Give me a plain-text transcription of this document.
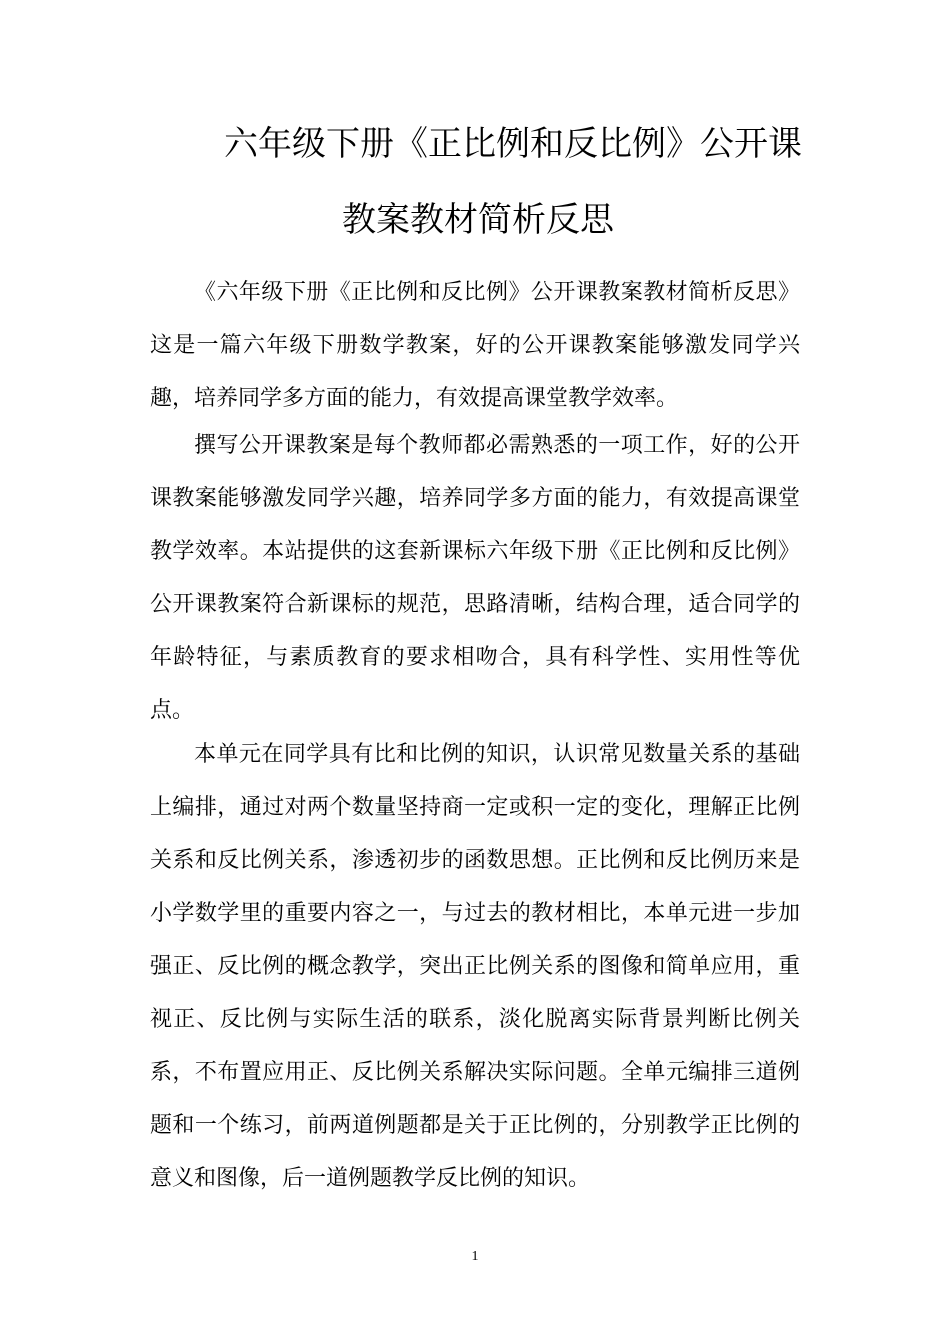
六年级下册《正比例和反比例》公开课
教案教材简析反思

《六年级下册《正比例和反比例》公开课教案教材简析反思》这是一篇六年级下册数学教案，好的公开课教案能够激发同学兴趣，培养同学多方面的能力，有效提高课堂教学效率。

撰写公开课教案是每个教师都必需熟悉的一项工作，好的公开课教案能够激发同学兴趣，培养同学多方面的能力，有效提高课堂教学效率。本站提供的这套新课标六年级下册《正比例和反比例》公开课教案符合新课标的规范，思路清晰，结构合理，适合同学的年龄特征，与素质教育的要求相吻合，具有科学性、实用性等优点。

本单元在同学具有比和比例的知识，认识常见数量关系的基础上编排，通过对两个数量坚持商一定或积一定的变化，理解正比例关系和反比例关系，渗透初步的函数思想。正比例和反比例历来是小学数学里的重要内容之一，与过去的教材相比，本单元进一步加强正、反比例的概念教学，突出正比例关系的图像和简单应用，重视正、反比例与实际生活的联系，淡化脱离实际背景判断比例关系，不布置应用正、反比例关系解决实际问题。全单元编排三道例题和一个练习，前两道例题都是关于正比例的，分别教学正比例的意义和图像，后一道例题教学反比例的知识。

1
